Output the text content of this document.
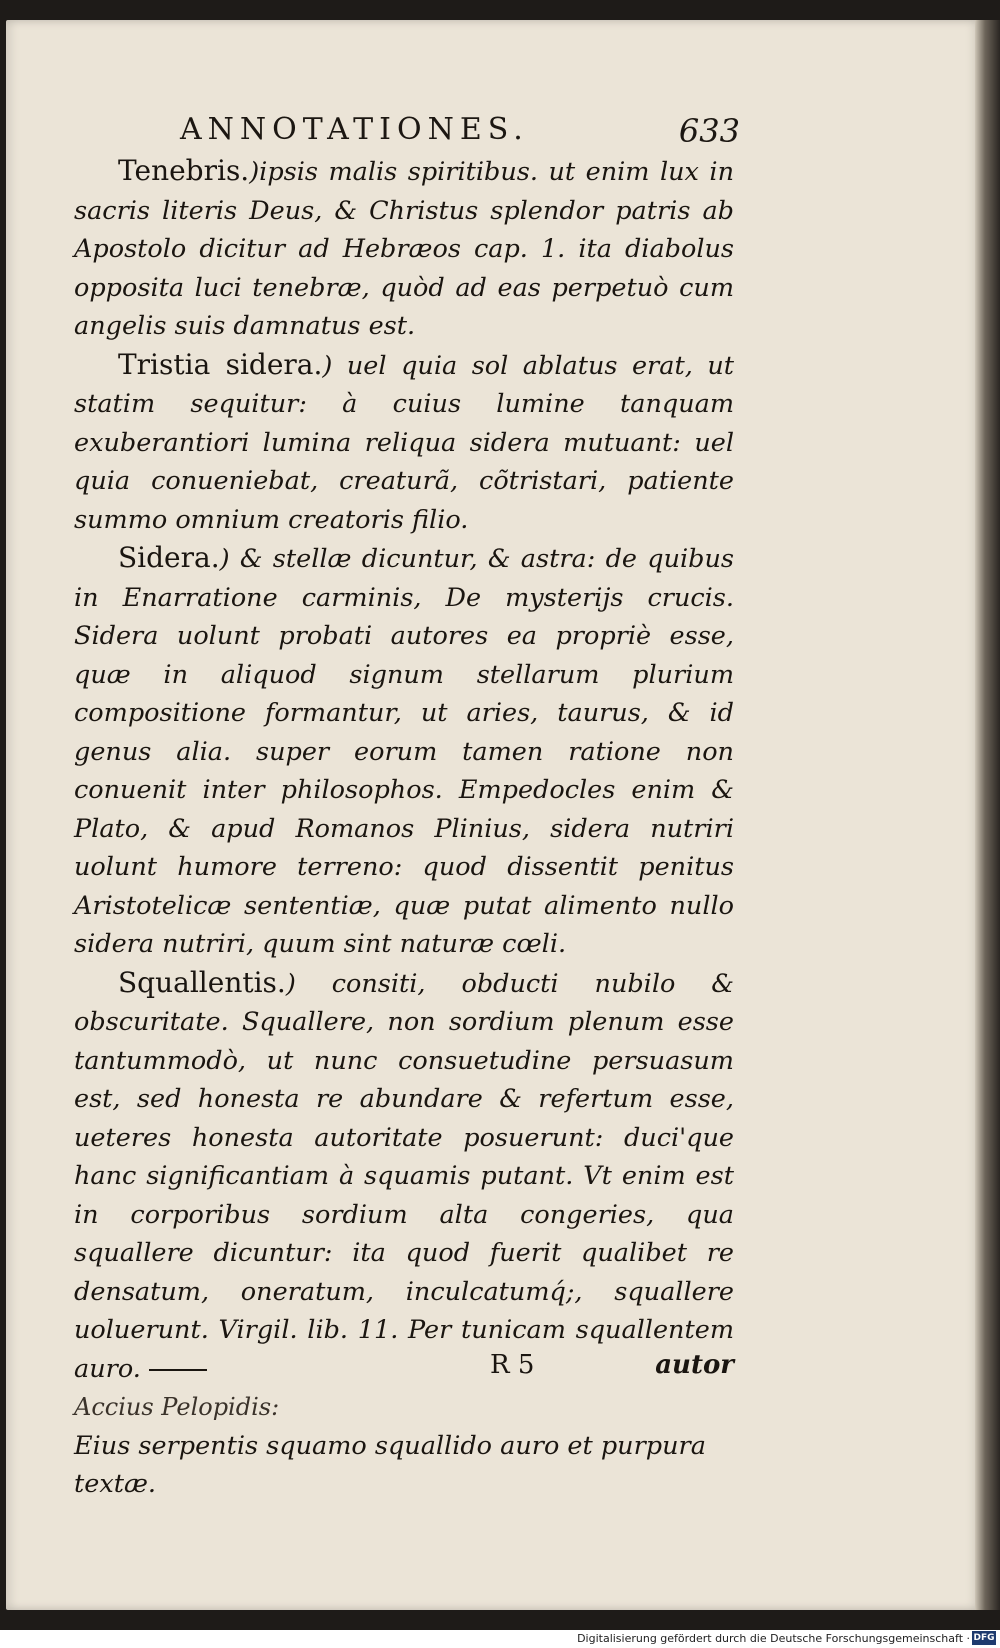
ANNOTATIONES.	633

Tenebris.)ipsis malis spiritibus. ut enim lux in sacris literis Deus, & Christus splendor patris ab Apostolo dicitur ad Hebræos cap. 1. ita diabolus opposita luci tenebræ, quòd ad eas perpetuò cum angelis suis damnatus est.

Tristia sidera.) uel quia sol ablatus erat, ut statim sequitur: à cuius lumine tanquam exuberantiori lumina reliqua sidera mutuant: uel quia conueniebat, creaturã, cõtristari, patiente summo omnium creatoris filio.

Sidera.) & stellæ dicuntur, & astra: de quibus in Enarratione carminis, De mysterijs crucis. Sidera uolunt probati autores ea propriè esse, quæ in aliquod signum stellarum plurium compositione formantur, ut aries, taurus, & id genus alia. super eorum tamen ratione non conuenit inter philosophos. Empedocles enim & Plato, & apud Romanos Plinius, sidera nutriri uolunt humore terreno: quod dissentit penitus Aristotelicæ sententiæ, quæ putat alimento nullo sidera nutriri, quum sint naturæ cœli.

Squallentis.) consiti, obducti nubilo & obscuritate. Squallere, non sordium plenum esse tantummodò, ut nunc consuetudine persuasum est, sed honesta re abundare & refertum esse, ueteres honesta autoritate posuerunt: duci'que hanc significantiam à squamis putant. Vt enim est in corporibus sordium alta congeries, qua squallere dicuntur: ita quod fuerit qualibet re densatum, oneratum, inculcatumq́;, squallere uoluerunt. Virgil. lib. 11. Per tunicam squallentem auro.

Accius Pelopidis:

Eius serpentis squamo squallido auro et purpura textæ.

R 5	autor
Digitalisierung gefördert durch die Deutsche Forschungsgemeinschaft · DFG
